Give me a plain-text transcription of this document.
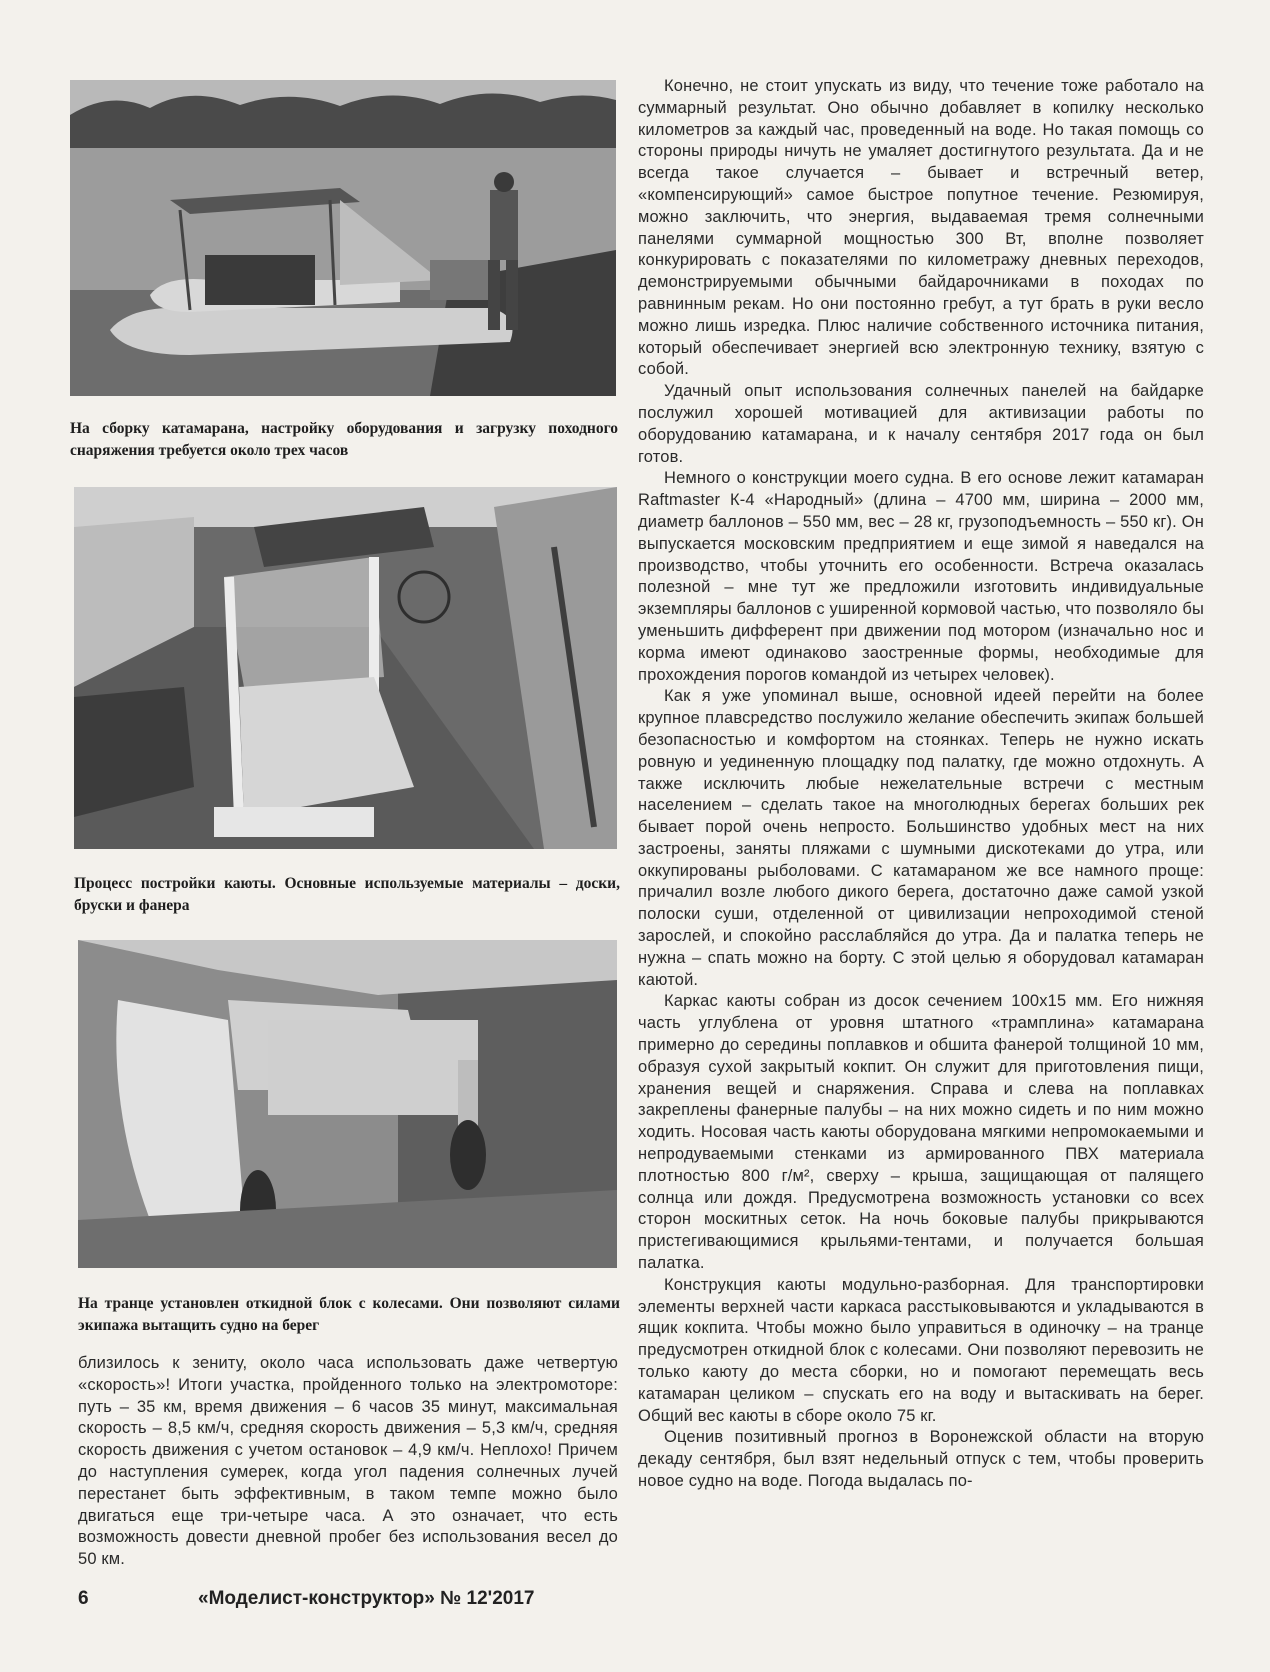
На сборку катамарана, настройку оборудования и загрузку походного снаряжения требуется около трех часов
Процесс постройки каюты. Основные используемые материалы – доски, бруски и фанера
На транце установлен откидной блок с колесами. Они позволяют силами экипажа вытащить судно на берег

близилось к зениту, около часа использовать даже четвертую «скорость»! Итоги участка, пройденного только на электромоторе: путь – 35 км, время движения – 6 часов 35 минут, максимальная скорость – 8,5 км/ч, средняя скорость движения – 5,3 км/ч, средняя скорость движения с учетом остановок – 4,9 км/ч. Неплохо! Причем до наступления сумерек, когда угол падения солнечных лучей перестанет быть эффективным, в таком темпе можно было двигаться еще три-четыре часа. А это означает, что есть возможность довести дневной пробег без использования весел до 50 км.

Конечно, не стоит упускать из виду, что течение тоже работало на суммарный результат. Оно обычно добавляет в копилку несколько километров за каждый час, проведенный на воде. Но такая помощь со стороны природы ничуть не умаляет достигнутого результата. Да и не всегда такое случается – бывает и встречный ветер, «компенсирующий» самое быстрое попутное течение. Резюмируя, можно заключить, что энергия, выдаваемая тремя солнечными панелями суммарной мощностью 300 Вт, вполне позволяет конкурировать с показателями по километражу дневных переходов, демонстрируемыми обычными байдарочниками в походах по равнинным рекам. Но они постоянно гребут, а тут брать в руки весло можно лишь изредка. Плюс наличие собственного источника питания, который обеспечивает энергией всю электронную технику, взятую с собой.

Удачный опыт использования солнечных панелей на байдарке послужил хорошей мотивацией для активизации работы по оборудованию катамарана, и к началу сентября 2017 года он был готов.

Немного о конструкции моего судна. В его основе лежит катамаран Raftmaster К-4 «Народный» (длина – 4700 мм, ширина – 2000 мм, диаметр баллонов – 550 мм, вес – 28 кг, грузоподъемность – 550 кг). Он выпускается московским предприятием и еще зимой я наведался на производство, чтобы уточнить его особенности. Встреча оказалась полезной – мне тут же предложили изготовить индивидуальные экземпляры баллонов с уширенной кормовой частью, что позволяло бы уменьшить дифферент при движении под мотором (изначально нос и корма имеют одинаково заостренные формы, необходимые для прохождения порогов командой из четырех человек).

Как я уже упоминал выше, основной идеей перейти на более крупное плавсредство послужило желание обеспечить экипаж большей безопасностью и комфортом на стоянках. Теперь не нужно искать ровную и уединенную площадку под палатку, где можно отдохнуть. А также исключить любые нежелательные встречи с местным населением – сделать такое на многолюдных берегах больших рек бывает порой очень непросто. Большинство удобных мест на них застроены, заняты пляжами с шумными дискотеками до утра, или оккупированы рыболовами. С катамараном же все намного проще: причалил возле любого дикого берега, достаточно даже самой узкой полоски суши, отделенной от цивилизации непроходимой стеной зарослей, и спокойно расслабляйся до утра. Да и палатка теперь не нужна – спать можно на борту. С этой целью я оборудовал катамаран каютой.

Каркас каюты собран из досок сечением 100х15 мм. Его нижняя часть углублена от уровня штатного «трамплина» катамарана примерно до середины поплавков и обшита фанерой толщиной 10 мм, образуя сухой закрытый кокпит. Он служит для приготовления пищи, хранения вещей и снаряжения. Справа и слева на поплавках закреплены фанерные палубы – на них можно сидеть и по ним можно ходить. Носовая часть каюты оборудована мягкими непромокаемыми и непродуваемыми стенками из армированного ПВХ материала плотностью 800 г/м², сверху – крыша, защищающая от палящего солнца или дождя. Предусмотрена возможность установки со всех сторон москитных сеток. На ночь боковые палубы прикрываются пристегивающимися крыльями-тентами, и получается большая палатка.

Конструкция каюты модульно-разборная. Для транспортировки элементы верхней части каркаса расстыковываются и укладываются в ящик кокпита. Чтобы можно было управиться в одиночку – на транце предусмотрен откидной блок с колесами. Они позволяют перевозить не только каюту до места сборки, но и помогают перемещать весь катамаран целиком – спускать его на воду и вытаскивать на берег. Общий вес каюты в сборе около 75 кг.

Оценив позитивный прогноз в Воронежской области на вторую декаду сентября, был взят недельный отпуск с тем, чтобы проверить новое судно на воде. Погода выдалась по-

6	«Моделист-конструктор» № 12'2017
